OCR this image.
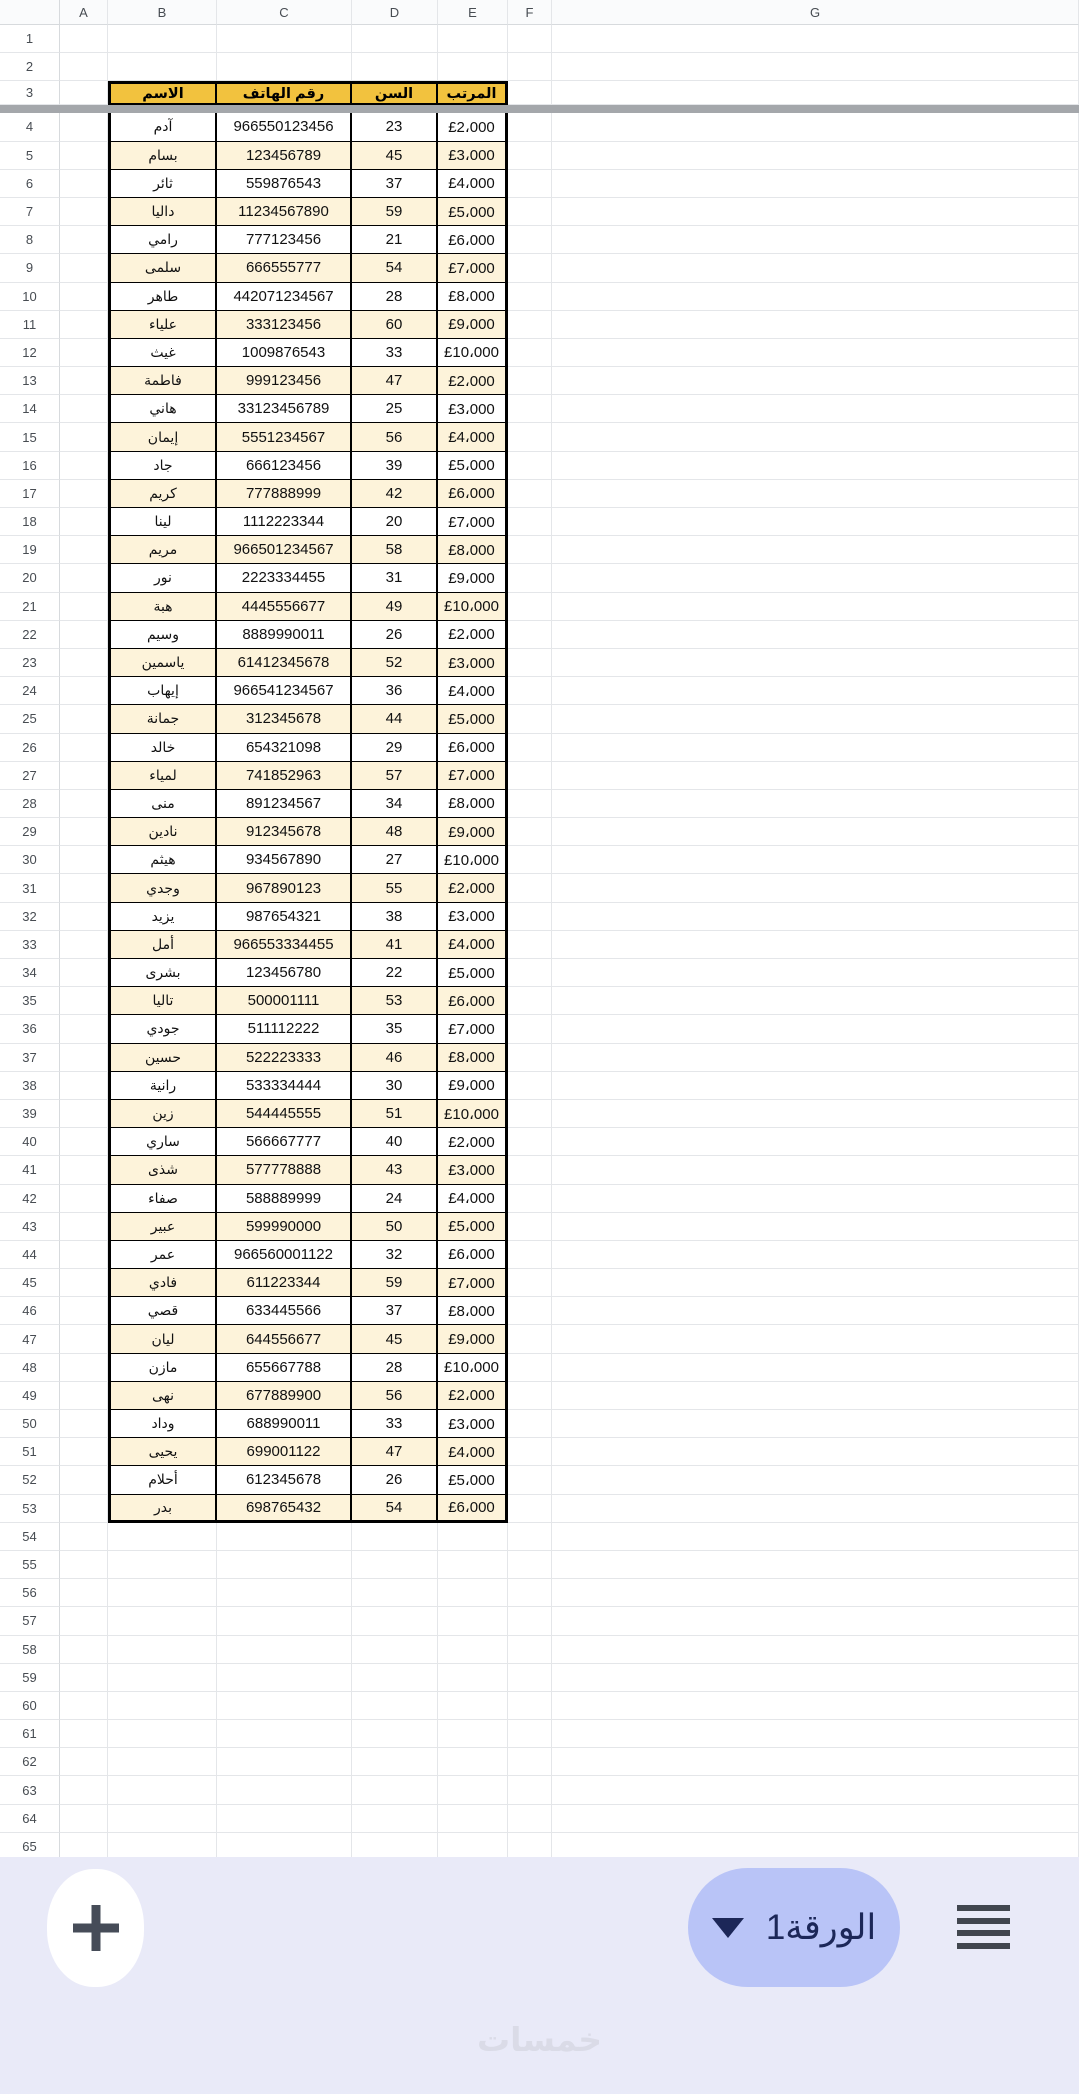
A	B	C	D	E	F	G
1
2
3	الاسم	رقم الهاتف	السن	المرتب
4	آدم	966550123456	23	£2،000
5	بسام	123456789	45	£3،000
6	ثائر	559876543	37	£4،000
7	داليا	11234567890	59	£5،000
8	رامي	777123456	21	£6،000
9	سلمى	666555777	54	£7،000
10	طاهر	442071234567	28	£8،000
11	علياء	333123456	60	£9،000
12	غيث	1009876543	33	£10،000
13	فاطمة	999123456	47	£2،000
14	هاني	33123456789	25	£3،000
15	إيمان	5551234567	56	£4،000
16	جاد	666123456	39	£5،000
17	كريم	777888999	42	£6،000
18	لينا	1112223344	20	£7،000
19	مريم	966501234567	58	£8،000
20	نور	2223334455	31	£9،000
21	هبة	4445556677	49	£10،000
22	وسيم	8889990011	26	£2،000
23	ياسمين	61412345678	52	£3،000
24	إيهاب	966541234567	36	£4،000
25	جمانة	312345678	44	£5،000
26	خالد	654321098	29	£6،000
27	لمياء	741852963	57	£7،000
28	منى	891234567	34	£8،000
29	نادين	912345678	48	£9،000
30	هيثم	934567890	27	£10،000
31	وجدي	967890123	55	£2،000
32	يزيد	987654321	38	£3،000
33	أمل	966553334455	41	£4،000
34	بشرى	123456780	22	£5،000
35	تاليا	500001111	53	£6،000
36	جودي	511112222	35	£7،000
37	حسين	522223333	46	£8،000
38	رانية	533334444	30	£9،000
39	زين	544445555	51	£10،000
40	ساري	566667777	40	£2،000
41	شذى	577778888	43	£3،000
42	صفاء	588889999	24	£4،000
43	عبير	599990000	50	£5،000
44	عمر	966560001122	32	£6،000
45	فادي	611223344	59	£7،000
46	قصي	633445566	37	£8،000
47	ليان	644556677	45	£9،000
48	مازن	655667788	28	£10،000
49	نهى	677889900	56	£2،000
50	وداد	688990011	33	£3،000
51	يحيى	699001122	47	£4،000
52	أحلام	612345678	26	£5،000
53	بدر	698765432	54	£6،000
54
55
56
57
58
59
60
61
62
63
64
65
الورقة1
خمسات
